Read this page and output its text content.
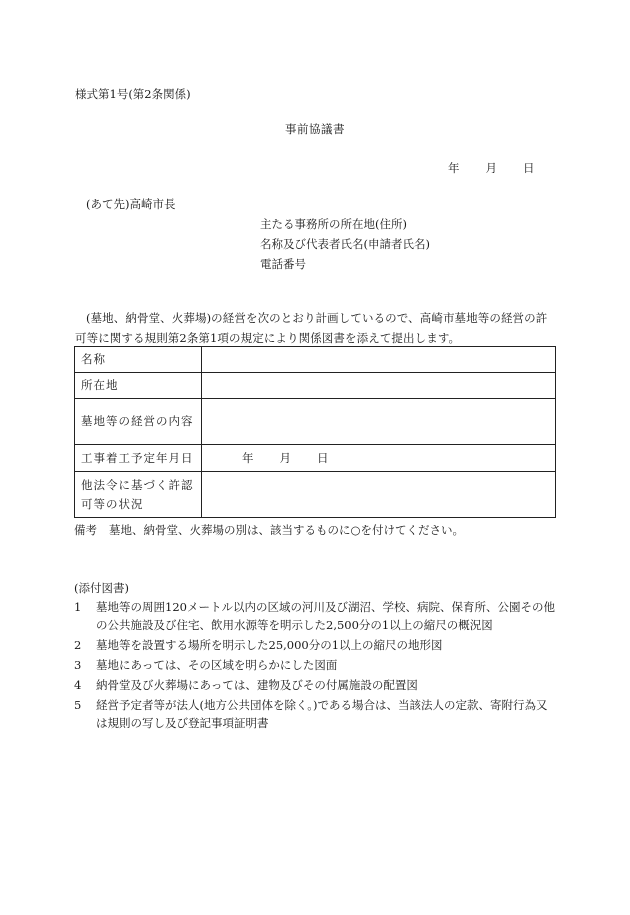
様式第1号(第2条関係)
事前協議書
年 月 日
(あて先)高崎市長
主たる事務所の所在地(住所)
名称及び代表者氏名(申請者氏名)
電話番号
(墓地、納骨堂、火葬場)の経営を次のとおり計画しているので、高崎市墓地等の経営の許可等に関する規則第2条第1項の規定により関係図書を添えて提出します。
名称	
所在地	
墓地等の経営の内容	
工事着工予定年月日	年 月 日
他法令に基づく許認可等の状況	
備考 墓地、納骨堂、火葬場の別は、該当するものに○を付けてください。
(添付図書)
1 墓地等の周囲120メートル以内の区域の河川及び湖沼、学校、病院、保育所、公園その他の公共施設及び住宅、飲用水源等を明示した2,500分の1以上の縮尺の概況図
2 墓地等を設置する場所を明示した25,000分の1以上の縮尺の地形図
3 墓地にあっては、その区域を明らかにした図面
4 納骨堂及び火葬場にあっては、建物及びその付属施設の配置図
5 経営予定者等が法人(地方公共団体を除く。)である場合は、当該法人の定款、寄附行為又は規則の写し及び登記事項証明書
